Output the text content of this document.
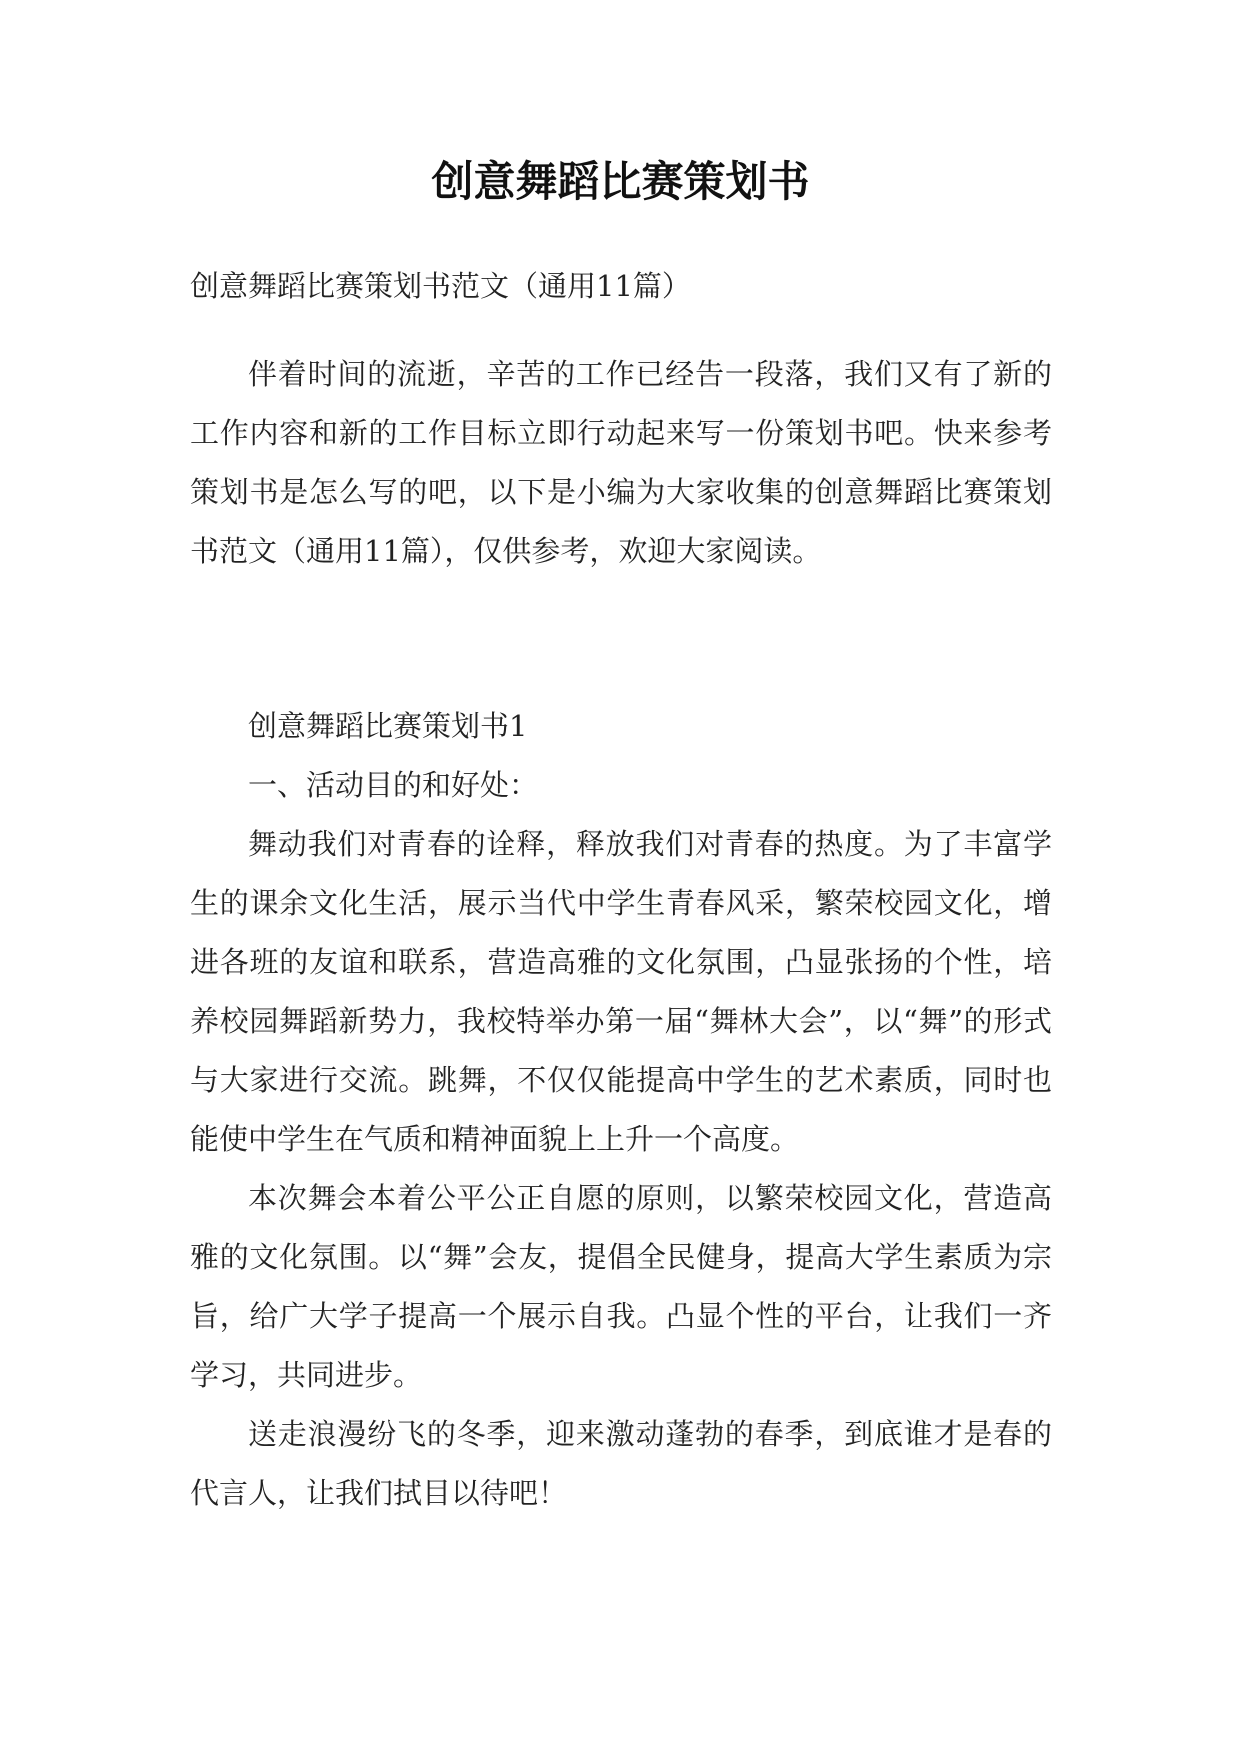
创意舞蹈比赛策划书

创意舞蹈比赛策划书范文（通用11篇）

伴着时间的流逝，辛苦的工作已经告一段落，我们又有了新的工作内容和新的工作目标立即行动起来写一份策划书吧。快来参考策划书是怎么写的吧，以下是小编为大家收集的创意舞蹈比赛策划书范文（通用11篇），仅供参考，欢迎大家阅读。

创意舞蹈比赛策划书1

一、活动目的和好处：

舞动我们对青春的诠释，释放我们对青春的热度。为了丰富学生的课余文化生活，展示当代中学生青春风采，繁荣校园文化，增进各班的友谊和联系，营造高雅的文化氛围，凸显张扬的个性，培养校园舞蹈新势力，我校特举办第一届“舞林大会”，以“舞”的形式与大家进行交流。跳舞，不仅仅能提高中学生的艺术素质，同时也能使中学生在气质和精神面貌上上升一个高度。

本次舞会本着公平公正自愿的原则，以繁荣校园文化，营造高雅的文化氛围。以“舞”会友，提倡全民健身，提高大学生素质为宗旨，给广大学子提高一个展示自我。凸显个性的平台，让我们一齐学习，共同进步。

送走浪漫纷飞的冬季，迎来激动蓬勃的春季，到底谁才是春的代言人，让我们拭目以待吧！
